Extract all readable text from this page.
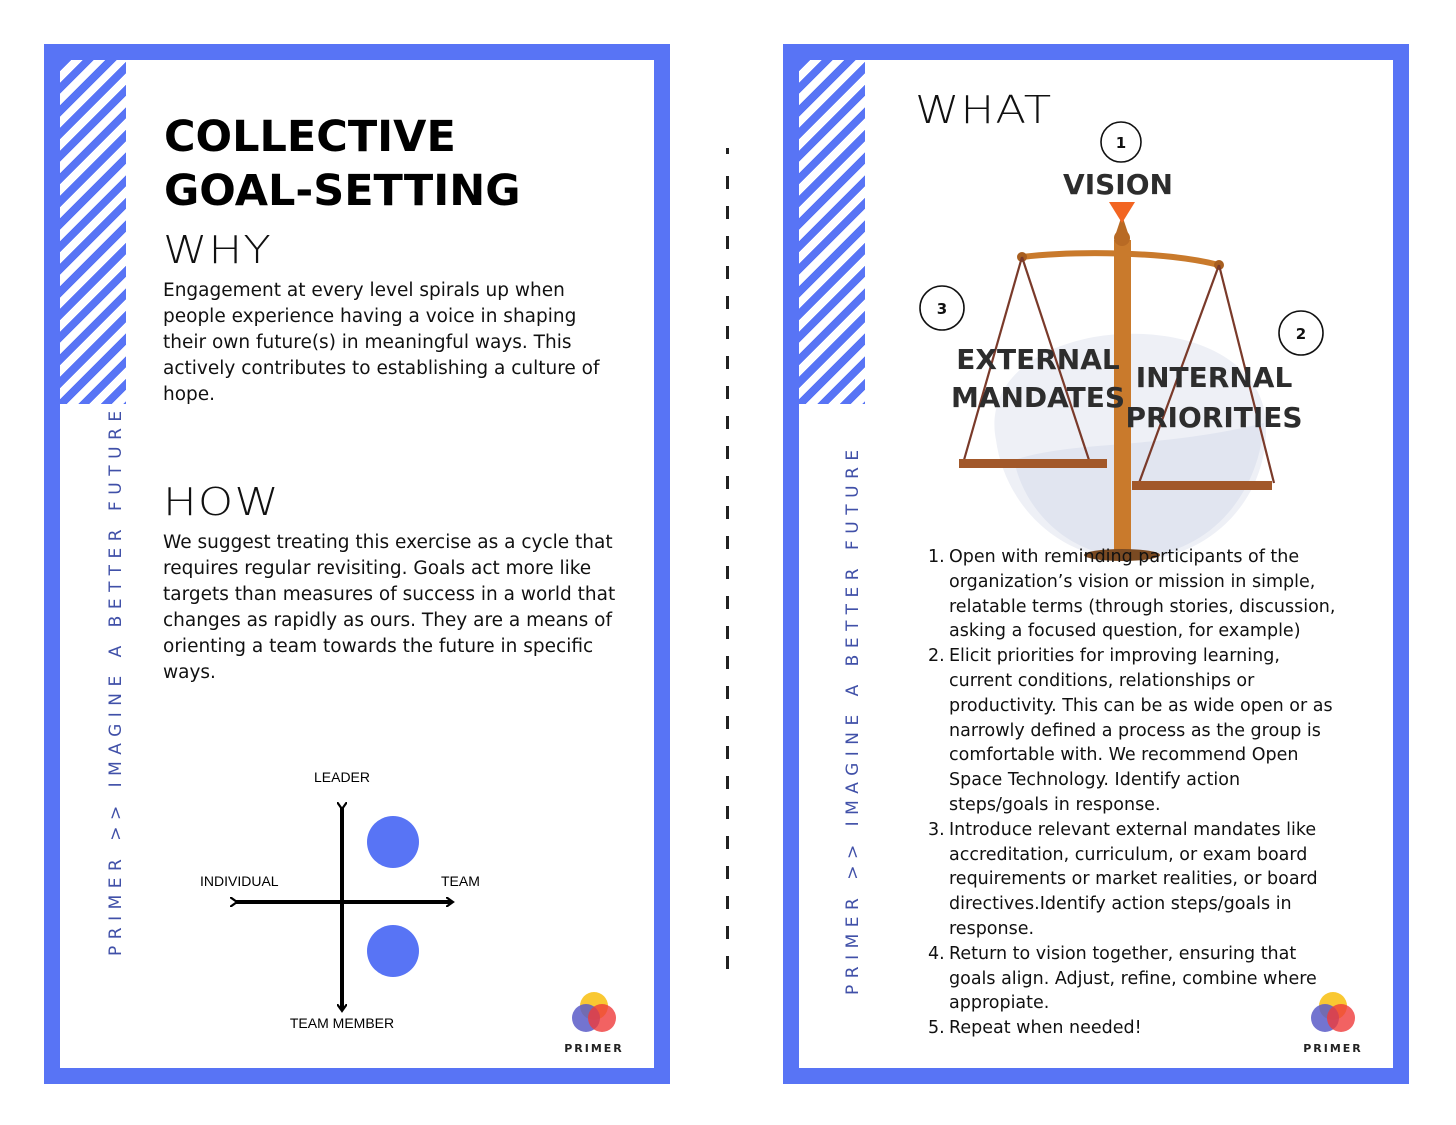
PRIMER >> IMAGINE A BETTER FUTURE
COLLECTIVE
GOAL-SETTING
WHY

Engagement at every level spirals up when people experience having a voice in shaping their own future(s) in meaningful ways. This actively contributes to establishing a culture of hope.

HOW

We suggest treating this exercise as a cycle that requires regular revisiting. Goals act more like targets than measures of success in a world that changes as rapidly as ours. They are a means of orienting a team towards the future in specific ways.

LEADER
TEAM MEMBER
INDIVIDUAL	TEAM
PRIMER
PRIMER >> IMAGINE A BETTER FUTURE
WHAT
1
3
2
VISION
EXTERNAL
MANDATES
INTERNAL
PRIORITIES
1. Open with reminding participants of the organization’s vision or mission in simple, relatable terms (through stories, discussion, asking a focused question, for example)
2. Elicit priorities for improving learning, current conditions, relationships or productivity. This can be as wide open or as narrowly defined a process as the group is comfortable with. We recommend Open Space Technology. Identify action steps/goals in response.
3. Introduce relevant external mandates like accreditation, curriculum, or exam board requirements or market realities, or board directives.Identify action steps/goals in response.
4. Return to vision together, ensuring that goals align. Adjust, refine, combine where appropiate.
5. Repeat when needed!
PRIMER
